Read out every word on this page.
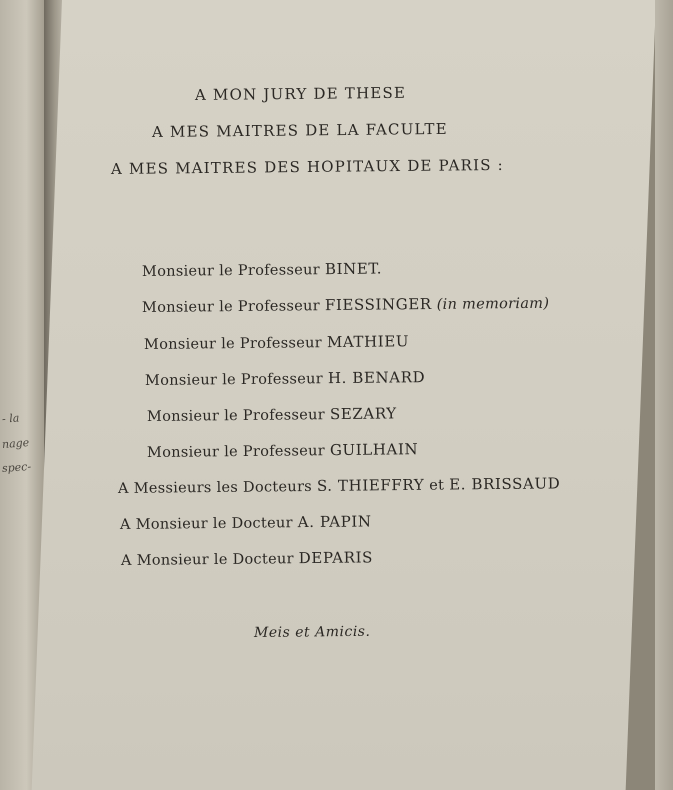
- la
nage
spec-
A MON JURY DE THESE
A MES MAITRES DE LA FACULTE
A MES MAITRES DES HOPITAUX DE PARIS :
Monsieur le Professeur BINET.
Monsieur le Professeur FIESSINGER (in memoriam)
Monsieur le Professeur MATHIEU
Monsieur le Professeur H. BENARD
Monsieur le Professeur SEZARY
Monsieur le Professeur GUILHAIN
A Messieurs les Docteurs S. THIEFFRY et E. BRISSAUD
A Monsieur le Docteur A. PAPIN
A Monsieur le Docteur DEPARIS
Meis et Amicis.
